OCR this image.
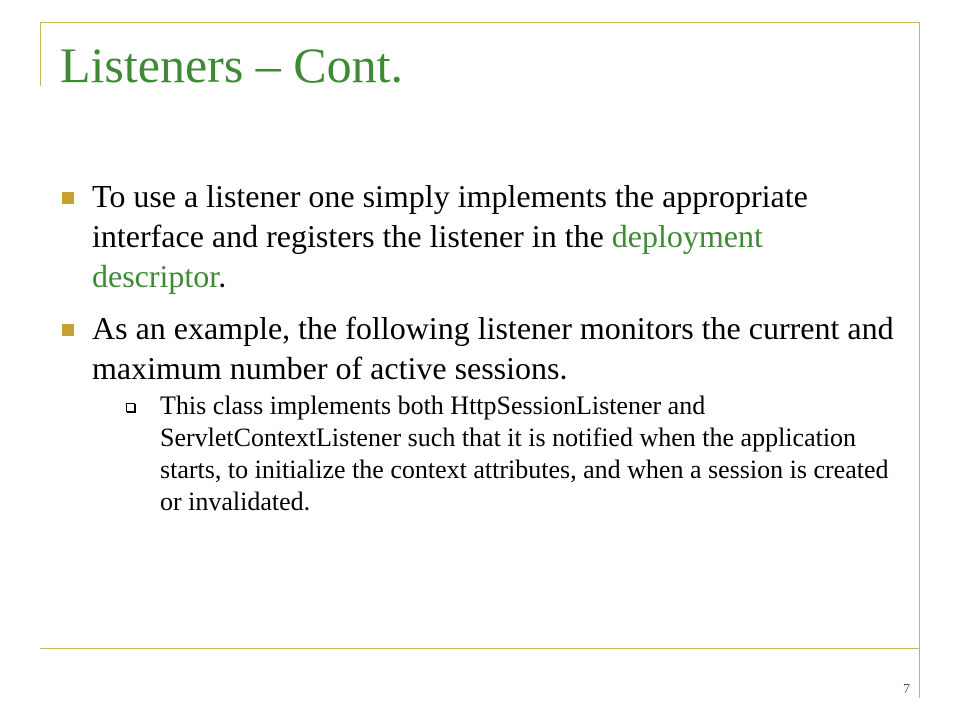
Listeners – Cont.
To use a listener one simply implements the appropriate interface and registers the listener in the deployment descriptor.
As an example, the following listener monitors the current and maximum number of active sessions.
This class implements both HttpSessionListener and ServletContextListener such that it is notified when the application starts, to initialize the context attributes, and when a session is created or invalidated.
7
